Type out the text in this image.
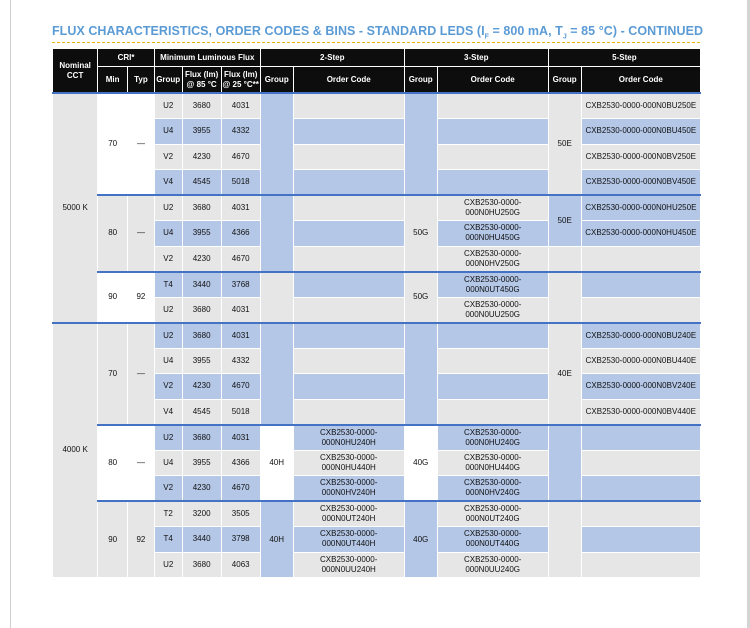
FLUX CHARACTERISTICS, ORDER CODES & BINS - STANDARD LEDS ($I_F = 800$ mA, $T_J = 85$ °C) - CONTINUED
Nominal CCT	CRI*		Minimum Luminous Flux			2-Step		3-Step		5-Step	
	Min	Typ	Group	Flux (lm) @ 85 °C	Flux (lm) @ 25 °C**	Group	Order Code	Group	Order Code	Group	Order Code
5000 K	70	—	U2	3680	4031					50E	CXB2530-0000-000N0BU250E
			U4	3955	4332						CXB2530-0000-000N0BU450E
			V2	4230	4670						CXB2530-0000-000N0BV250E
			V4	4545	5018						CXB2530-0000-000N0BV450E
	80	—	U2	3680	4031			50G	CXB2530-0000-000N0HU250G	50E	CXB2530-0000-000N0HU250E
			U4	3955	4366				CXB2530-0000-000N0HU450G		CXB2530-0000-000N0HU450E
			V2	4230	4670				CXB2530-0000-000N0HV250G		
	90	92	T4	3440	3768			50G	CXB2530-0000-000N0UT450G		
			U2	3680	4031				CXB2530-0000-000N0UU250G		
4000 K	70	—	U2	3680	4031					40E	CXB2530-0000-000N0BU240E
			U4	3955	4332						CXB2530-0000-000N0BU440E
			V2	4230	4670						CXB2530-0000-000N0BV240E
			V4	4545	5018						CXB2530-0000-000N0BV440E
	80	—	U2	3680	4031	40H	CXB2530-0000-000N0HU240H	40G	CXB2530-0000-000N0HU240G		
			U4	3955	4366		CXB2530-0000-000N0HU440H		CXB2530-0000-000N0HU440G		
			V2	4230	4670		CXB2530-0000-000N0HV240H		CXB2530-0000-000N0HV240G		
	90	92	T2	3200	3505	40H	CXB2530-0000-000N0UT240H	40G	CXB2530-0000-000N0UT240G		
			T4	3440	3798		CXB2530-0000-000N0UT440H		CXB2530-0000-000N0UT440G		
			U2	3680	4063		CXB2530-0000-000N0UU240H		CXB2530-0000-000N0UU240G		
